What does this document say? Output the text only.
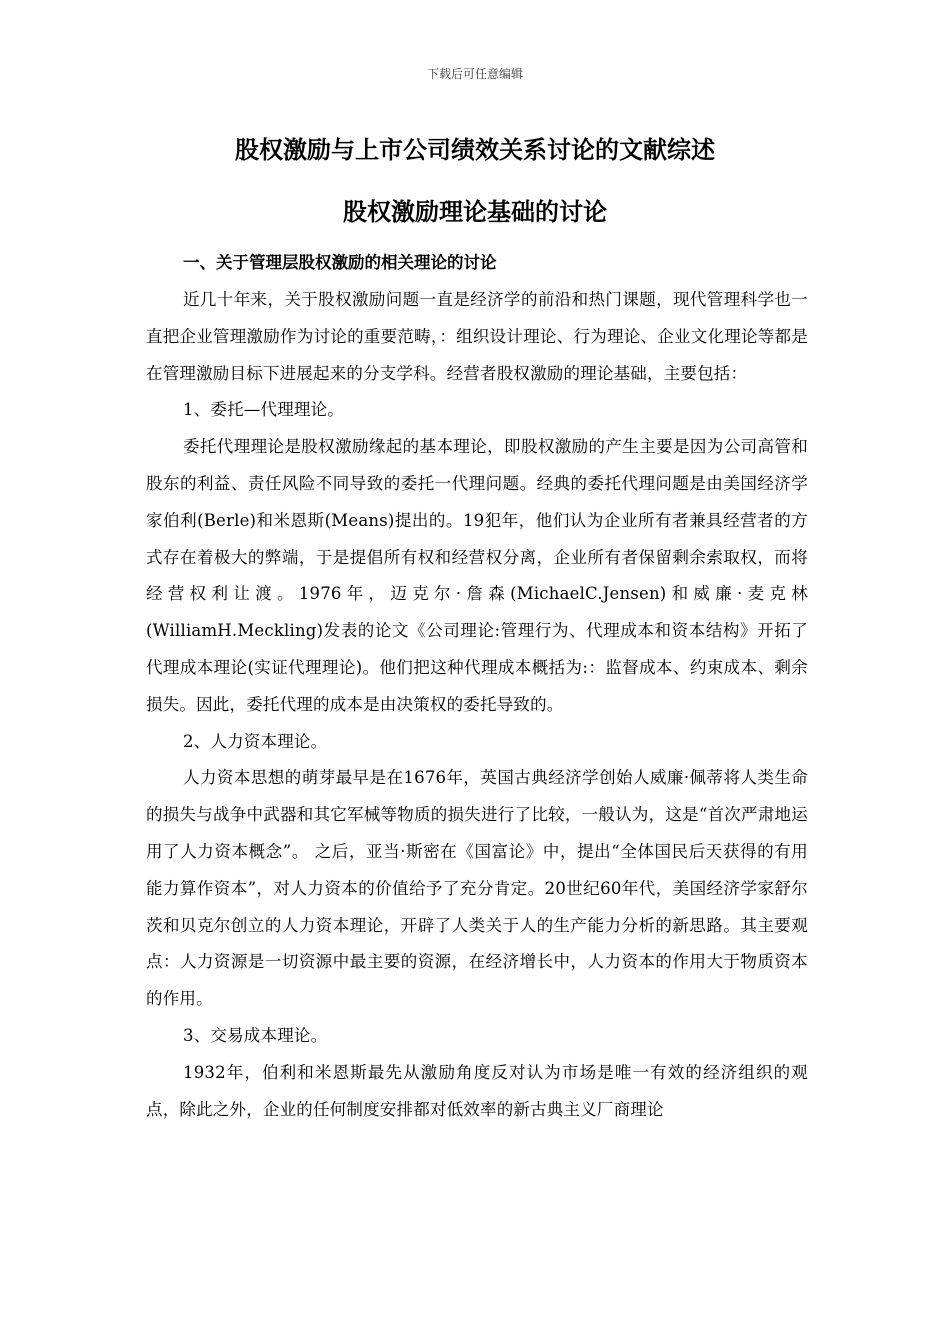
下载后可任意编辑
股权激励与上市公司绩效关系讨论的文献综述
股权激励理论基础的讨论
一、关于管理层股权激励的相关理论的讨论

近几十年来，关于股权激励问题一直是经济学的前沿和热门课题，现代管理科学也一直把企业管理激励作为讨论的重要范畴，：组织设计理论、行为理论、企业文化理论等都是在管理激励目标下进展起来的分支学科。经营者股权激励的理论基础，主要包括：

1、委托—代理理论。

委托代理理论是股权激励缘起的基本理论，即股权激励的产生主要是因为公司高管和股东的利益、责任风险不同导致的委托一代理问题。经典的委托代理问题是由美国经济学家伯利(Berle)和米恩斯(Means)提出的。19犯年，他们认为企业所有者兼具经营者的方式存在着极大的弊端，于是提倡所有权和经营权分离，企业所有者保留剩余索取权，而将经营权利让渡。1976年，迈克尔·詹森(MichaelC.Jensen)和威廉·麦克林 (WilliamH.Meckling)发表的论文《公司理论:管理行为、代理成本和资本结构》开拓了代理成本理论(实证代理理论)。他们把这种代理成本概括为:：监督成本、约束成本、剩余损失。因此，委托代理的成本是由决策权的委托导致的。

2、人力资本理论。

人力资本思想的萌芽最早是在1676年，英国古典经济学创始人威廉·佩蒂将人类生命的损失与战争中武器和其它军械等物质的损失进行了比较，一般认为，这是“首次严肃地运用了人力资本概念”。 之后，亚当·斯密在《国富论》中，提出“全体国民后天获得的有用能力算作资本”，对人力资本的价值给予了充分肯定。20世纪60年代，美国经济学家舒尔茨和贝克尔创立的人力资本理论，开辟了人类关于人的生产能力分析的新思路。其主要观点：人力资源是一切资源中最主要的资源，在经济增长中，人力资本的作用大于物质资本的作用。

3、交易成本理论。

1932年，伯利和米恩斯最先从激励角度反对认为市场是唯一有效的经济组织的观点，除此之外，企业的任何制度安排都对低效率的新古典主义厂商理论
